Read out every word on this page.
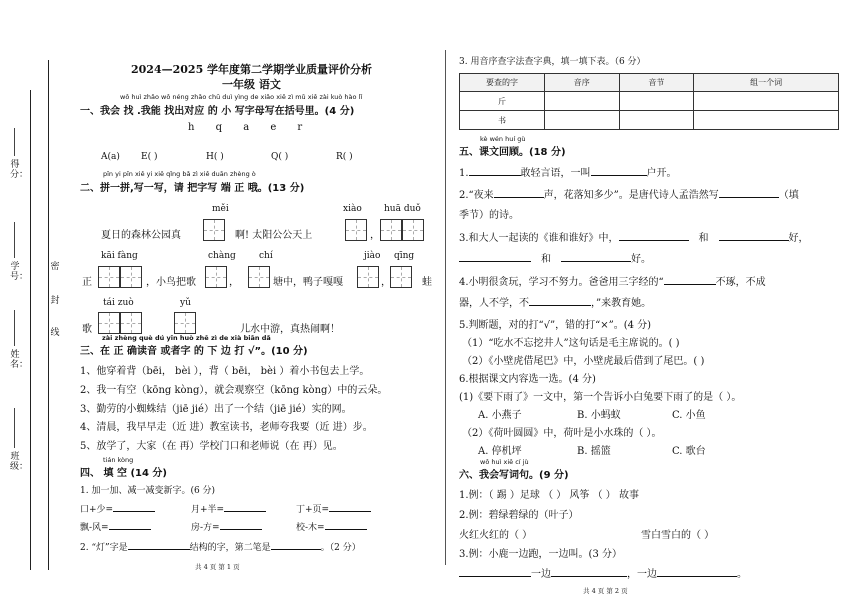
密
封
线
得分：
学号：
姓名：
班级：
2024—2025 学年度第二学期学业质量评价分析
一年级 语文
wǒ huì zhǎo wǒ néng zhǎo chū duì yìng de xiǎo xiě zì mǔ xiě zài kuò hào lǐ
一、我会 找 .我能 找出对应 的 小 写字母写在括号里。(4 分)
h q a e r
A(a) E( )	H( )	Q( )	R( )
pīn yi pīn xiě yi xiě qǐng bǎ zì xiě duān zhèng ò
二、拼一拼,写一写，请 把字写 端 正 哦。(13 分)
měi	xiào huā duǒ
夏日的森林公园真	啊! 太阳公公天上	，
kāi fàng	chàng	chí	jiào qīng
正	，小鸟把歌	，	塘中，鸭子嘎嘎	，	蛙
tái zuò	yǔ
歌	儿水中游，真热闹啊！
zài zhèng què dú yīn huò zhě zì de xià biān dǎ
三、在 正 确读音 或者字 的 下 边 打 √”。(10 分)
1、他穿着背（bēi， bèi ），背（ bēi， bèi ）着小书包去上学。
2、我一有空（kōng kòng），就会观察空（kōng kòng）中的云朵。
3、勤劳的小蜘蛛结（jiē jié）出了一个结（jiē jié）实的网。
4、清晨，我早早走（近 进）教室读书，老师夸我要（近 进）步。
5、放学了，大家（在 再）学校门口和老师说（在 再）见。
tián kòng
四、 填 空 (14 分)
1. 加一加、减一减变新字。(6 分)
口+少=	月+半=	丁+页=
飘-风=	房-方=	校-木=
2. “灯”字是	结构的字，第二笔是	。（2 分）
共 4 页 第 1 页
3. 用音序查字法查字典，填一填下表。（6 分）
要查的字	音序	音节	组一个词
斤			
书			
kè wén huí gù
五、课文回顾。(18 分)
1.	敢轻言语，一叫	户开。
2.“夜来	声，花落知多少”。是唐代诗人孟浩然写	（填
季节）的诗。
3.和大人一起读的《谁和谁好》中，	和	好，
和	好。
4.小明很贪玩，学习不努力。爸爸用三字经的“	不琢，不成
器，人不学，不	，”来教育她。
5.判断题，对的打“√”，错的打“×”。(4 分)
（1）“吃水不忘挖井人”这句话是毛主席说的。( )
（2）《小壁虎借尾巴》中，小壁虎最后借到了尾巴。( )
6.根据课文内容选一选。(4 分)
(1)《要下雨了》一文中，第一个告诉小白兔要下雨了的是（ ）。
A. 小燕子	B. 小蚂蚁	C. 小鱼
（2）《荷叶圆圆》中，荷叶是小水珠的（ ）。
A. 停机坪	B. 摇篮	C. 歌台
wǒ huì xiě cí jù
六、我会写词句。(9 分)
1.例：（ 踢 ）足球 （ ） 风筝 （ ） 故事
2.例：碧绿碧绿的（叶子）
火红火红的（ ）	雪白雪白的（ ）
3.例：小鹿一边跑，一边叫。(3 分）
一边	，一边	。
共 4 页 第 2 页
